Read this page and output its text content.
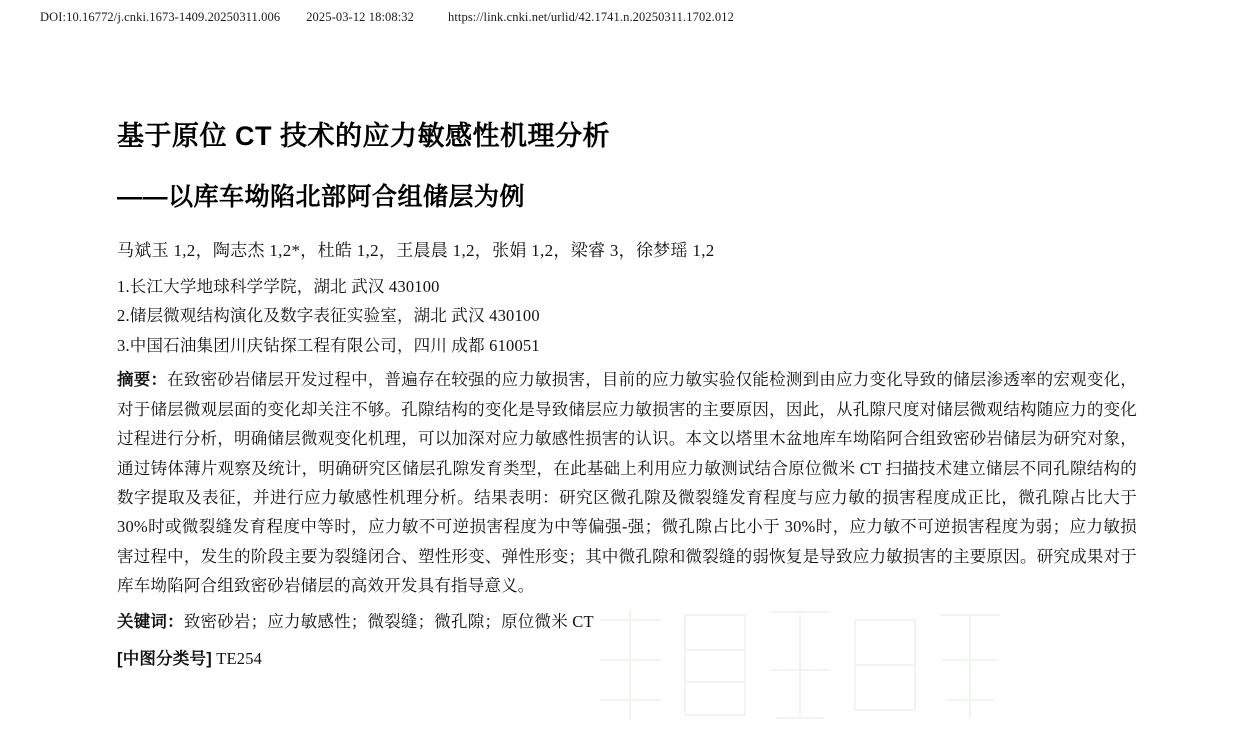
DOI:10.16772/j.cnki.1673-1409.20250311.006 2025-03-12 18:08:32	https://link.cnki.net/urlid/42.1741.n.20250311.1702.012
基于原位 CT 技术的应力敏感性机理分析
——以库车坳陷北部阿合组储层为例

马斌玉 1,2，陶志杰 1,2*，杜皓 1,2，王晨晨 1,2，张娟 1,2，梁睿 3，徐梦瑶 1,2

1.长江大学地球科学学院，湖北 武汉 430100

2.储层微观结构演化及数字表征实验室，湖北 武汉 430100

3.中国石油集团川庆钻探工程有限公司，四川 成都 610051

摘要：在致密砂岩储层开发过程中，普遍存在较强的应力敏损害，目前的应力敏实验仅能检测到由应力变化导致的储层渗透率的宏观变化，对于储层微观层面的变化却关注不够。孔隙结构的变化是导致储层应力敏损害的主要原因，因此，从孔隙尺度对储层微观结构随应力的变化过程进行分析，明确储层微观变化机理，可以加深对应力敏感性损害的认识。本文以塔里木盆地库车坳陷阿合组致密砂岩储层为研究对象，通过铸体薄片观察及统计，明确研究区储层孔隙发育类型，在此基础上利用应力敏测试结合原位微米 CT 扫描技术建立储层不同孔隙结构的数字提取及表征，并进行应力敏感性机理分析。结果表明：研究区微孔隙及微裂缝发育程度与应力敏的损害程度成正比，微孔隙占比大于 30%时或微裂缝发育程度中等时，应力敏不可逆损害程度为中等偏强-强；微孔隙占比小于 30%时，应力敏不可逆损害程度为弱；应力敏损害过程中，发生的阶段主要为裂缝闭合、塑性形变、弹性形变；其中微孔隙和微裂缝的弱恢复是导致应力敏损害的主要原因。研究成果对于库车坳陷阿合组致密砂岩储层的高效开发具有指导意义。

关键词：致密砂岩；应力敏感性；微裂缝；微孔隙；原位微米 CT

[中图分类号] TE254
